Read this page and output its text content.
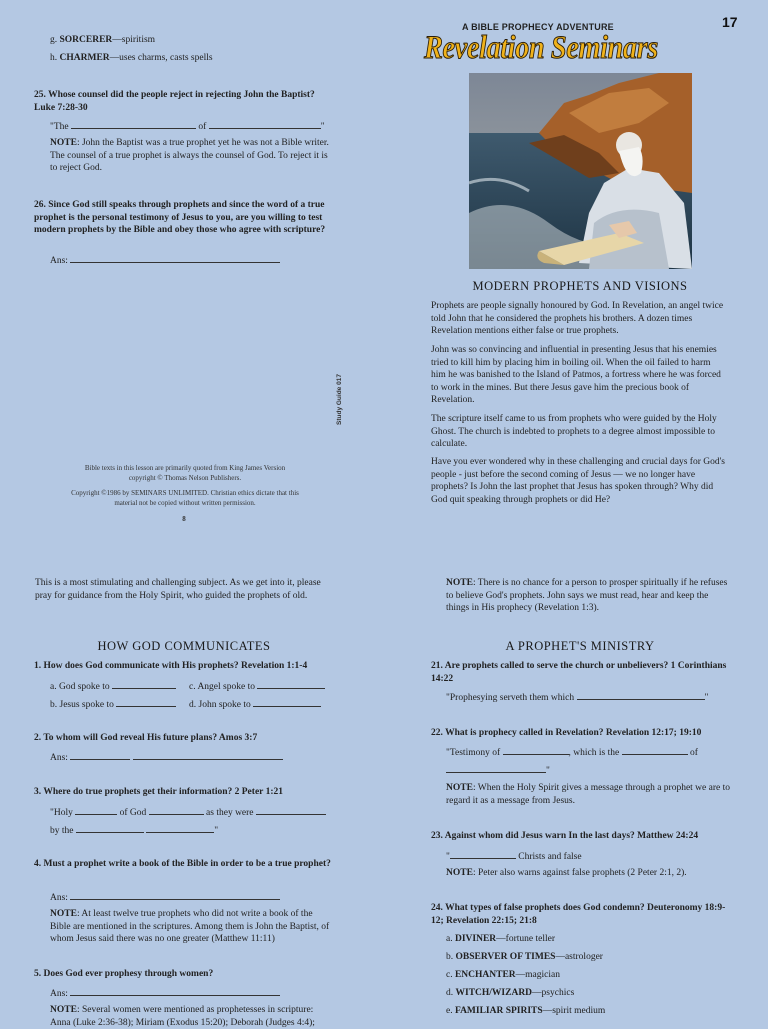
A BIBLE PROPHECY ADVENTURE
Revelation Seminars
17
g. SORCERER—spiritism
h. CHARMER—uses charms, casts spells
25. Whose counsel did the people reject in rejecting John the Baptist? Luke 7:28-30
"The	of	"
NOTE: John the Baptist was a true prophet yet he was not a Bible writer. The counsel of a true prophet is always the counsel of God. To reject it is to reject God.
26. Since God still speaks through prophets and since the word of a true prophet is the personal testimony of Jesus to you, are you willing to test modern prophets by the Bible and obey those who agree with scripture?
Ans:
Bible texts in this lesson are primarily quoted from King James Version
copyright © Thomas Nelson Publishers.
Copyright ©1986 by SEMINARS UNLIMITED. Christian ethics dictate that this material not be copied without written permission.
8
Study Guide 017
MODERN PROPHETS AND VISIONS
Prophets are people signally honoured by God. In Revelation, an angel twice told John that he considered the prophets his brothers. A dozen times Revelation mentions either false or true prophets.
John was so convincing and influential in presenting Jesus that his enemies tried to kill him by placing him in boiling oil. When the oil failed to harm him he was banished to the Island of Patmos, a fortress where he was forced to work in the mines. But there Jesus gave him the precious book of Revelation.
The scripture itself came to us from prophets who were guided by the Holy Ghost. The church is indebted to prophets to a degree almost impossible to calculate.
Have you ever wondered why in these challenging and crucial days for God's people - just before the second coming of Jesus — we no longer have prophets? Is John the last prophet that Jesus has spoken through? Why did God quit speaking through prophets or did He?
This is a most stimulating and challenging subject. As we get into it, please pray for guidance from the Holy Spirit, who guided the prophets of old.
HOW GOD COMMUNICATES
1. How does God communicate with His prophets? Revelation 1:1-4
a. God spoke to	c. Angel spoke to
b. Jesus spoke to	d. John spoke to
2. To whom will God reveal His future plans? Amos 3:7
Ans:
3. Where do true prophets get their information? 2 Peter 1:21
"Holy	of God	as they were
by the	"
4. Must a prophet write a book of the Bible in order to be a true prophet?
Ans:
NOTE: At least twelve true prophets who did not write a book of the Bible are mentioned in the scriptures. Among them is John the Baptist, of whom Jesus said there was no one greater (Matthew 11:11)
5. Does God ever prophesy through women?
Ans:
NOTE: Several women were mentioned as prophetesses in scripture: Anna (Luke 2:36-38); Miriam (Exodus 15:20); Deborah (Judges 4:4);
NOTE: There is no chance for a person to prosper spiritually if he refuses to believe God's prophets. John says we must read, hear and keep the things in His prophecy (Revelation 1:3).
A PROPHET'S MINISTRY
21. Are prophets called to serve the church or unbelievers? 1 Corinthians 14:22
"Prophesying serveth them which	"
22. What is prophecy called in Revelation? Revelation 12:17; 19:10
"Testimony of	, which is the	of
"
NOTE: When the Holy Spirit gives a message through a prophet we are to regard it as a message from Jesus.
23. Against whom did Jesus warn In the last days? Matthew 24:24
"	Christs and false
NOTE: Peter also warns against false prophets (2 Peter 2:1, 2).
24. What types of false prophets does God condemn? Deuteronomy 18:9-12; Revelation 22:15; 21:8
a. DIVINER—fortune teller
b. OBSERVER OF TIMES—astrologer
c. ENCHANTER—magician
d. WITCH/WIZARD—psychics
e. FAMILIAR SPIRITS—spirit medium
